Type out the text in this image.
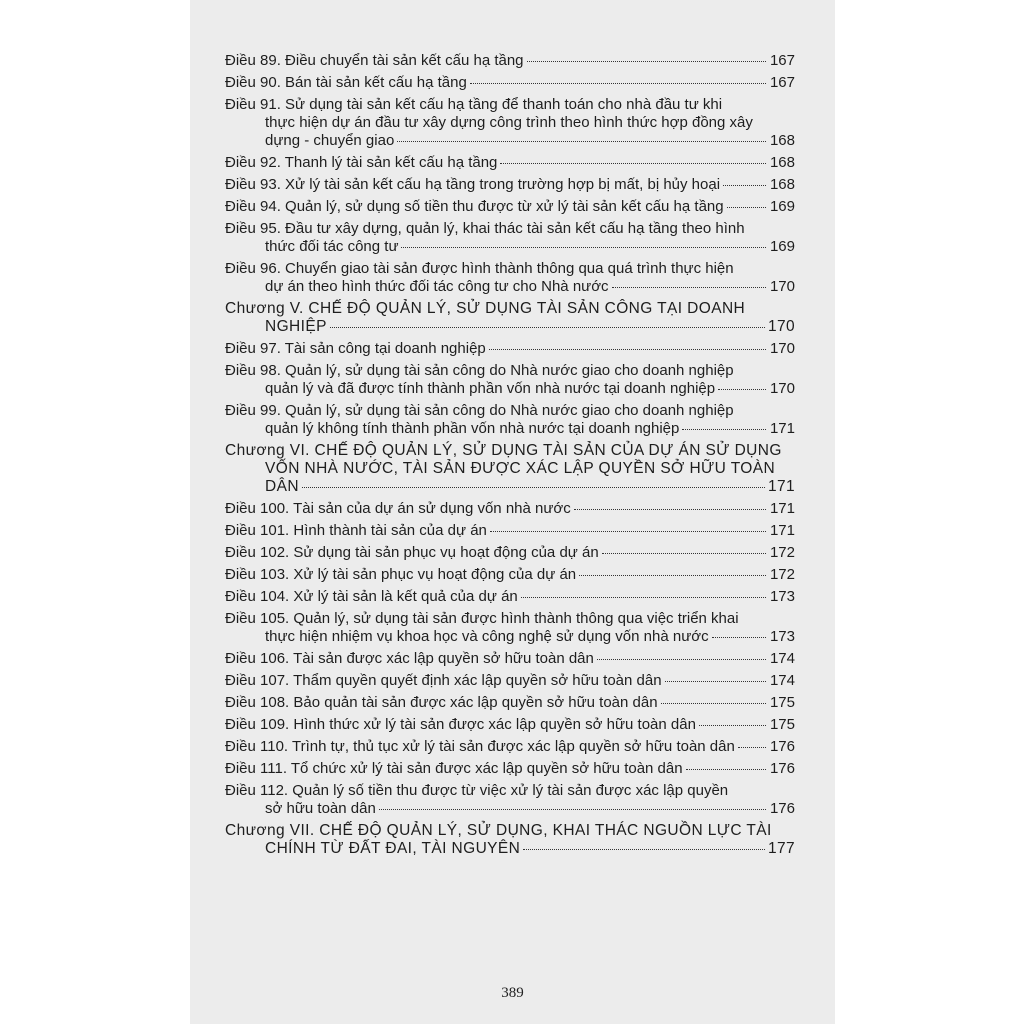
Điều 89. Điều chuyển tài sản kết cấu hạ tầng	167
Điều 90. Bán tài sản kết cấu hạ tầng	167
Điều 91. Sử dụng tài sản kết cấu hạ tầng để thanh toán cho nhà đầu tư khi
thực hiện dự án đầu tư xây dựng công trình theo hình thức hợp đồng xây
dựng - chuyển giao	168
Điều 92. Thanh lý tài sản kết cấu hạ tầng	168
Điều 93. Xử lý tài sản kết cấu hạ tầng trong trường hợp bị mất, bị hủy hoại	168
Điều 94. Quản lý, sử dụng số tiền thu được từ xử lý tài sản kết cấu hạ tầng	169
Điều 95. Đầu tư xây dựng, quản lý, khai thác tài sản kết cấu hạ tầng theo hình
thức đối tác công tư	169
Điều 96. Chuyển giao tài sản được hình thành thông qua quá trình thực hiện
dự án theo hình thức đối tác công tư cho Nhà nước	170
Chương V. CHẾ ĐỘ QUẢN LÝ, SỬ DỤNG TÀI SẢN CÔNG TẠI DOANH
NGHIỆP	170
Điều 97. Tài sản công tại doanh nghiệp	170
Điều 98. Quản lý, sử dụng tài sản công do Nhà nước giao cho doanh nghiệp
quản lý và đã được tính thành phần vốn nhà nước tại doanh nghiệp	170
Điều 99. Quản lý, sử dụng tài sản công do Nhà nước giao cho doanh nghiệp
quản lý không tính thành phần vốn nhà nước tại doanh nghiệp	171
Chương VI. CHẾ ĐỘ QUẢN LÝ, SỬ DỤNG TÀI SẢN CỦA DỰ ÁN SỬ DỤNG
VỐN NHÀ NƯỚC, TÀI SẢN ĐƯỢC XÁC LẬP QUYỀN SỞ HỮU TOÀN
DÂN	171
Điều 100. Tài sản của dự án sử dụng vốn nhà nước	171
Điều 101. Hình thành tài sản của dự án	171
Điều 102. Sử dụng tài sản phục vụ hoạt động của dự án	172
Điều 103. Xử lý tài sản phục vụ hoạt động của dự án	172
Điều 104. Xử lý tài sản là kết quả của dự án	173
Điều 105. Quản lý, sử dụng tài sản được hình thành thông qua việc triển khai
thực hiện nhiệm vụ khoa học và công nghệ sử dụng vốn nhà nước	173
Điều 106. Tài sản được xác lập quyền sở hữu toàn dân	174
Điều 107. Thẩm quyền quyết định xác lập quyền sở hữu toàn dân	174
Điều 108. Bảo quản tài sản được xác lập quyền sở hữu toàn dân	175
Điều 109. Hình thức xử lý tài sản được xác lập quyền sở hữu toàn dân	175
Điều 110. Trình tự, thủ tục xử lý tài sản được xác lập quyền sở hữu toàn dân 176
Điều 111. Tổ chức xử lý tài sản được xác lập quyền sở hữu toàn dân	176
Điều 112. Quản lý số tiền thu được từ việc xử lý tài sản được xác lập quyền
sở hữu toàn dân	176
Chương VII. CHẾ ĐỘ QUẢN LÝ, SỬ DỤNG, KHAI THÁC NGUỒN LỰC TÀI
CHÍNH TỪ ĐẤT ĐAI, TÀI NGUYÊN	177
389
